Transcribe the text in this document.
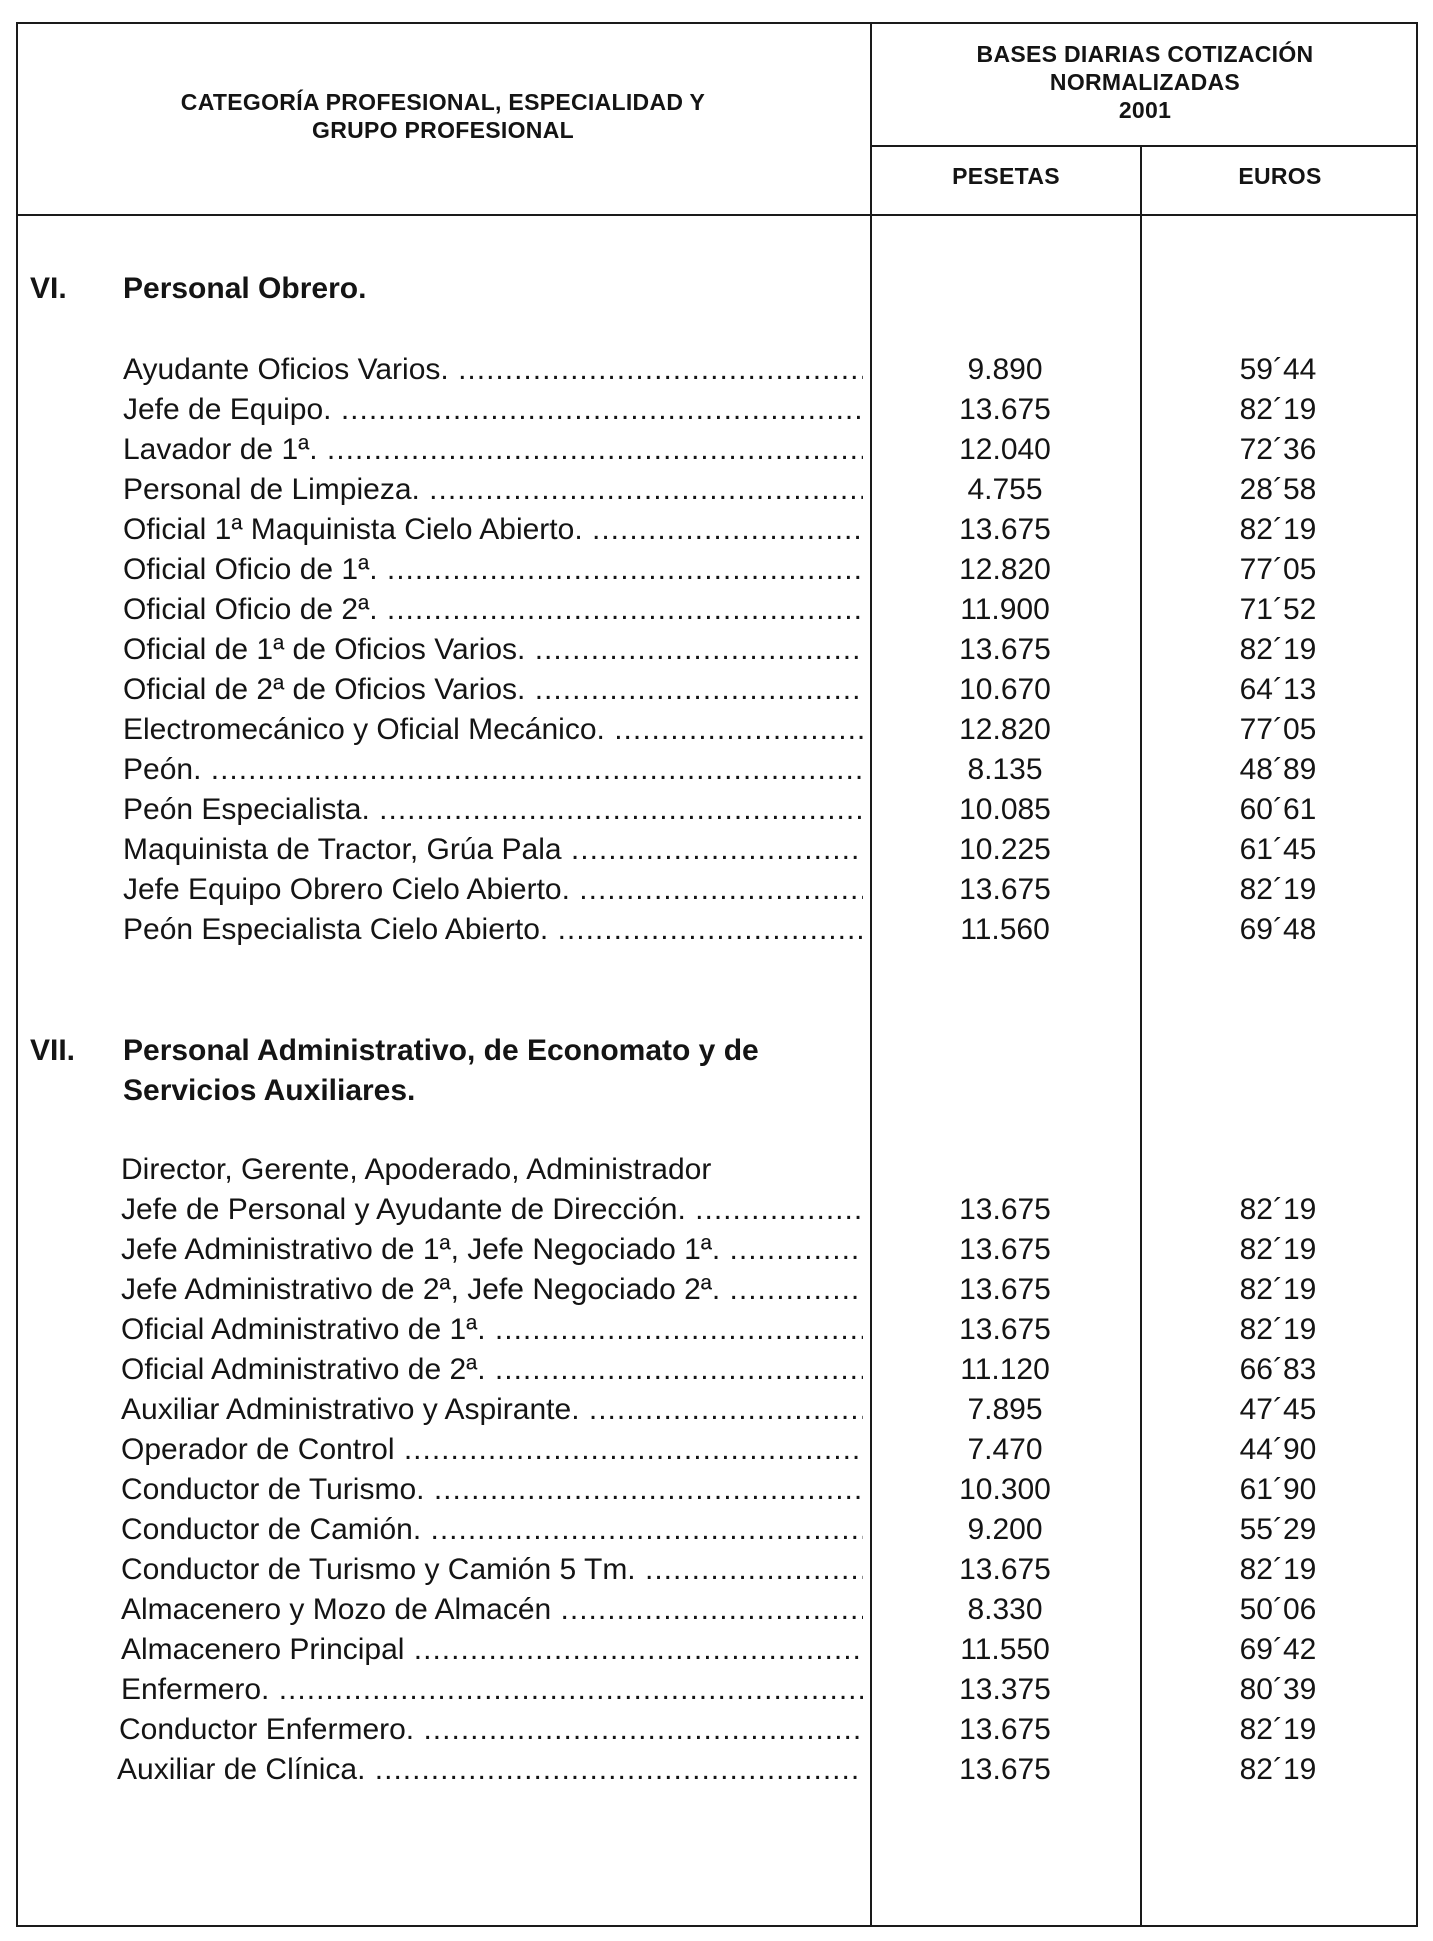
CATEGORÍA PROFESIONAL, ESPECIALIDAD Y
GRUPO PROFESIONAL
BASES DIARIAS COTIZACIÓN
NORMALIZADAS
2001
PESETAS	EUROS
VI. Personal Obrero.
Ayudante Oficios Varios. .....	9.890	59´44
Jefe de Equipo. .....	13.675	82´19
Lavador de 1ª. .....	12.040	72´36
Personal de Limpieza. .....	4.755	28´58
Oficial 1ª Maquinista Cielo Abierto. .....	13.675	82´19
Oficial Oficio de 1ª. .....	12.820	77´05
Oficial Oficio de 2ª. .....	11.900	71´52
Oficial de 1ª de Oficios Varios. .....	13.675	82´19
Oficial de 2ª de Oficios Varios. .....	10.670	64´13
Electromecánico y Oficial Mecánico. .....	12.820	77´05
Peón. .....	8.135	48´89
Peón Especialista. .....	10.085	60´61
Maquinista de Tractor, Grúa Pala .....	10.225	61´45
Jefe Equipo Obrero Cielo Abierto. .....	13.675	82´19
Peón Especialista Cielo Abierto. .....	11.560	69´48
VII. Personal Administrativo, de Economato y de
Servicios Auxiliares.
Director, Gerente, Apoderado, Administrador
Jefe de Personal y Ayudante de Dirección. .....	13.675	82´19
Jefe Administrativo de 1ª, Jefe Negociado 1ª. .....	13.675	82´19
Jefe Administrativo de 2ª, Jefe Negociado 2ª. .....	13.675	82´19
Oficial Administrativo de 1ª. .....	13.675	82´19
Oficial Administrativo de 2ª. .....	11.120	66´83
Auxiliar Administrativo y Aspirante. .....	7.895	47´45
Operador de Control .....	7.470	44´90
Conductor de Turismo. .....	10.300	61´90
Conductor de Camión. .....	9.200	55´29
Conductor de Turismo y Camión 5 Tm. .....	13.675	82´19
Almacenero y Mozo de Almacén .....	8.330	50´06
Almacenero Principal .....	11.550	69´42
Enfermero. .....	13.375	80´39
Conductor Enfermero. .....	13.675	82´19
Auxiliar de Clínica. .....	13.675	82´19
